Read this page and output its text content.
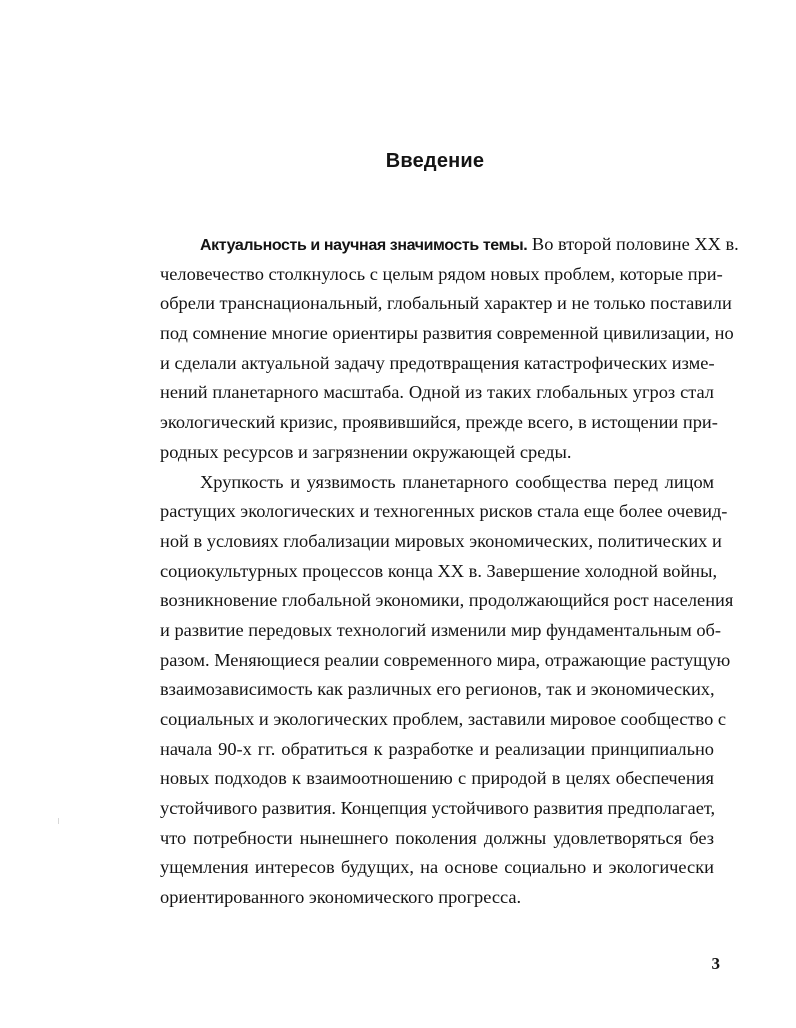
Введение
Актуальность и научная значимость темы. Во второй половине XX в.
человечество столкнулось с целым рядом новых проблем, которые при-
обрели транснациональный, глобальный характер и не только поставили
под сомнение многие ориентиры развития современной цивилизации, но
и сделали актуальной задачу предотвращения катастрофических изме-
нений планетарного масштаба. Одной из таких глобальных угроз стал
экологический кризис, проявившийся, прежде всего, в истощении при-
родных ресурсов и загрязнении окружающей среды.
Хрупкость и уязвимость планетарного сообщества перед лицом
растущих экологических и техногенных рисков стала еще более очевид-
ной в условиях глобализации мировых экономических, политических и
социокультурных процессов конца XX в. Завершение холодной войны,
возникновение глобальной экономики, продолжающийся рост населения
и развитие передовых технологий изменили мир фундаментальным об-
разом. Меняющиеся реалии современного мира, отражающие растущую
взаимозависимость как различных его регионов, так и экономических,
социальных и экологических проблем, заставили мировое сообщество с
начала 90-х гг. обратиться к разработке и реализации принципиально
новых подходов к взаимоотношению с природой в целях обеспечения
устойчивого развития. Концепция устойчивого развития предполагает,
что потребности нынешнего поколения должны удовлетворяться без
ущемления интересов будущих, на основе социально и экологически
ориентированного экономического прогресса.
3
